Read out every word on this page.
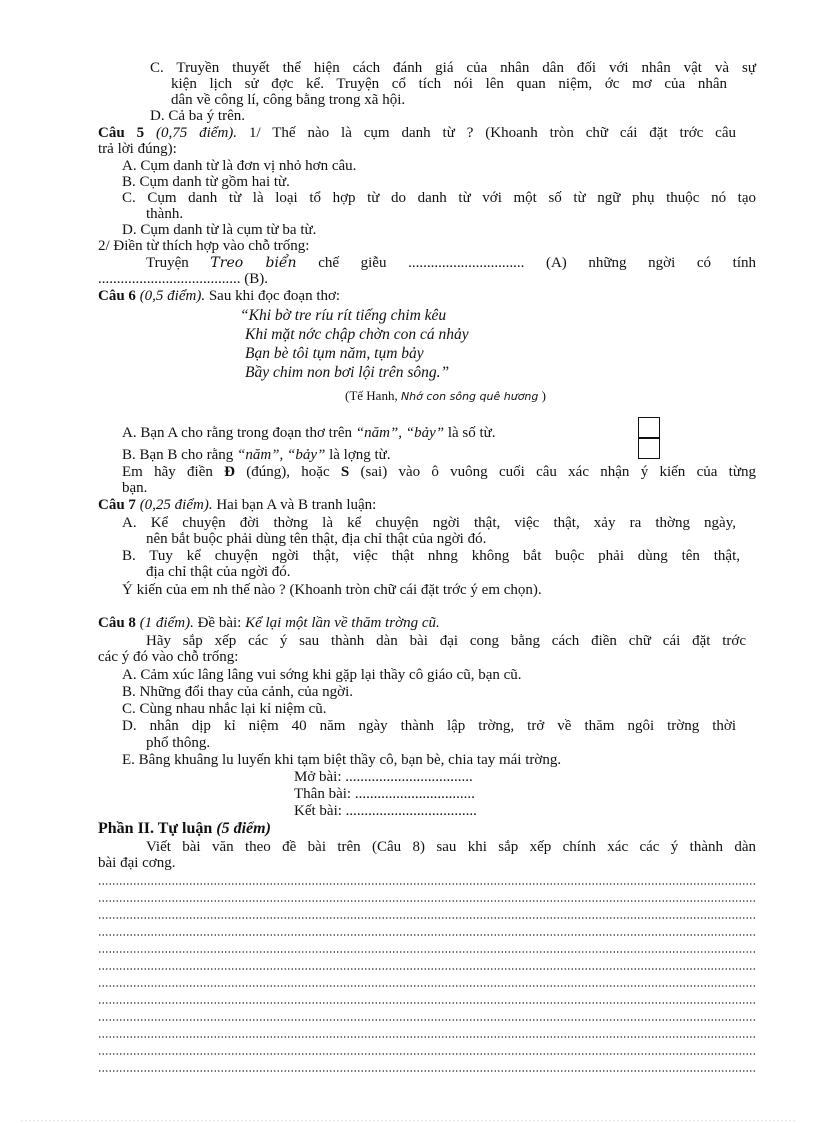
C. Truyền thuyết thể hiện cách đánh giá của nhân dân đối với nhân vật và sự
kiện lịch sử đợc kể. Truyện cổ tích nói lên quan niệm, ớc mơ của nhân
dân về công lí, công bằng trong xã hội.
D. Cả ba ý trên.
Câu 5 (0,75 điểm). 1/ Thế nào là cụm danh từ ? (Khoanh tròn chữ cái đặt trớc câu
trả lời đúng):
A. Cụm danh từ là đơn vị nhỏ hơn câu.
B. Cụm danh từ gồm hai từ.
C. Cụm danh từ là loại tổ hợp từ do danh từ với một số từ ngữ phụ thuộc nó tạo
thành.
D. Cụm danh từ là cụm từ ba từ.
2/ Điền từ thích hợp vào chỗ trống:
Truyện Treo biển chế giễu ............................... (A) những ngời có tính
...................................... (B).
Câu 6 (0,5 điểm). Sau khi đọc đoạn thơ:
“Khi bờ tre ríu rít tiếng chim kêu
Khi mặt nớc chập chờn con cá nhảy
Bạn bè tôi tụm năm, tụm bảy
Bầy chim non bơi lội trên sông.”
(Tế Hanh, Nhớ con sông quê hương )
A. Bạn A cho rằng trong đoạn thơ trên “năm”, “bảy” là số từ.
B. Bạn B cho rằng “năm”, “bảy” là lợng từ.
Em hãy điền Đ (đúng), hoặc S (sai) vào ô vuông cuối câu xác nhận ý kiến của từng
bạn.
Câu 7 (0,25 điểm). Hai bạn A và B tranh luận:
A. Kể chuyện đời thờng là kể chuyện ngời thật, việc thật, xảy ra thờng ngày,
nên bắt buộc phải dùng tên thật, địa chỉ thật của ngời đó.
B. Tuy kể chuyện ngời thật, việc thật nhng không bắt buộc phải dùng tên thật,
địa chỉ thật của ngời đó.
Ý kiến của em nh thế nào ? (Khoanh tròn chữ cái đặt trớc ý em chọn).
Câu 8 (1 điểm). Đề bài: Kể lại một lần về thăm trờng cũ.
Hãy sắp xếp các ý sau thành dàn bài đại cong bằng cách điền chữ cái đặt trớc
các ý đó vào chỗ trống:
A. Cảm xúc lâng lâng vui sớng khi gặp lại thầy cô giáo cũ, bạn cũ.
B. Những đổi thay của cảnh, của ngời.
C. Cùng nhau nhắc lại kỉ niệm cũ.
D. nhân dịp kỉ niệm 40 năm ngày thành lập trờng, trở về thăm ngôi trờng thời
phổ thông.
E. Bâng khuâng lu luyến khi tạm biệt thầy cô, bạn bè, chia tay mái trờng.
Mở bài: ..................................
Thân bài: ................................
Kết bài: ...................................
Phần II. Tự luận (5 điểm)
Viết bài văn theo đề bài trên (Câu 8) sau khi sắp xếp chính xác các ý thành dàn
bài đại cơng.
